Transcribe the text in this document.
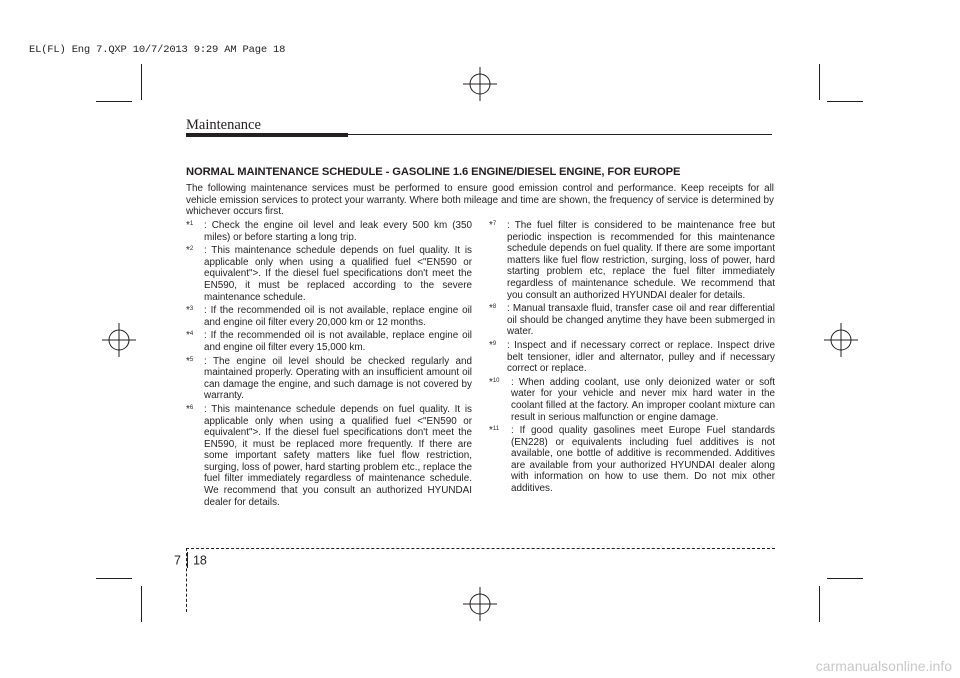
EL(FL) Eng 7.QXP 10/7/2013 9:29 AM Page 18
Maintenance
NORMAL MAINTENANCE SCHEDULE - GASOLINE 1.6 ENGINE/DIESEL ENGINE, FOR EUROPE
The following maintenance services must be performed to ensure good emission control and performance. Keep receipts for all vehicle emission services to protect your warranty. Where both mileage and time are shown, the frequency of service is determined by whichever occurs first.
*$^1$ : Check the engine oil level and leak every 500 km (350 miles) or before starting a long trip.
*$^2$ : This maintenance schedule depends on fuel quality. It is applicable only when using a qualified fuel <"EN590 or equivalent">. If the diesel fuel specifications don't meet the EN590, it must be replaced according to the severe maintenance schedule.
*$^3$ : If the recommended oil is not available, replace engine oil and engine oil filter every 20,000 km or 12 months.
*$^4$ : If the recommended oil is not available, replace engine oil and engine oil filter every 15,000 km.
*$^5$ : The engine oil level should be checked regularly and maintained properly. Operating with an insufficient amount oil can damage the engine, and such damage is not covered by warranty.
*$^6$ : This maintenance schedule depends on fuel quality. It is applicable only when using a qualified fuel <"EN590 or equivalent">. If the diesel fuel specifications don't meet the EN590, it must be replaced more frequently. If there are some important safety matters like fuel flow restriction, surging, loss of power, hard starting problem etc., replace the fuel filter immediately regardless of maintenance schedule. We recommend that you consult an authorized HYUNDAI dealer for details.
*$^7$ : The fuel filter is considered to be maintenance free but periodic inspection is recommended for this maintenance schedule depends on fuel quality. If there are some important matters like fuel flow restriction, surging, loss of power, hard starting problem etc, replace the fuel filter immediately regardless of maintenance schedule. We recommend that you consult an authorized HYUNDAI dealer for details.
*$^8$ : Manual transaxle fluid, transfer case oil and rear differential oil should be changed anytime they have been submerged in water.
*$^9$ : Inspect and if necessary correct or replace. Inspect drive belt tensioner, idler and alternator, pulley and if necessary correct or replace.
*$^{10}$ : When adding coolant, use only deionized water or soft water for your vehicle and never mix hard water in the coolant filled at the factory. An improper coolant mixture can result in serious malfunction or engine damage.
*$^{11}$ : If good quality gasolines meet Europe Fuel standards (EN228) or equivalents including fuel additives is not available, one bottle of additive is recommended. Additives are available from your authorized HYUNDAI dealer along with information on how to use them. Do not mix other additives.
7 18
carmanualsonline.info
